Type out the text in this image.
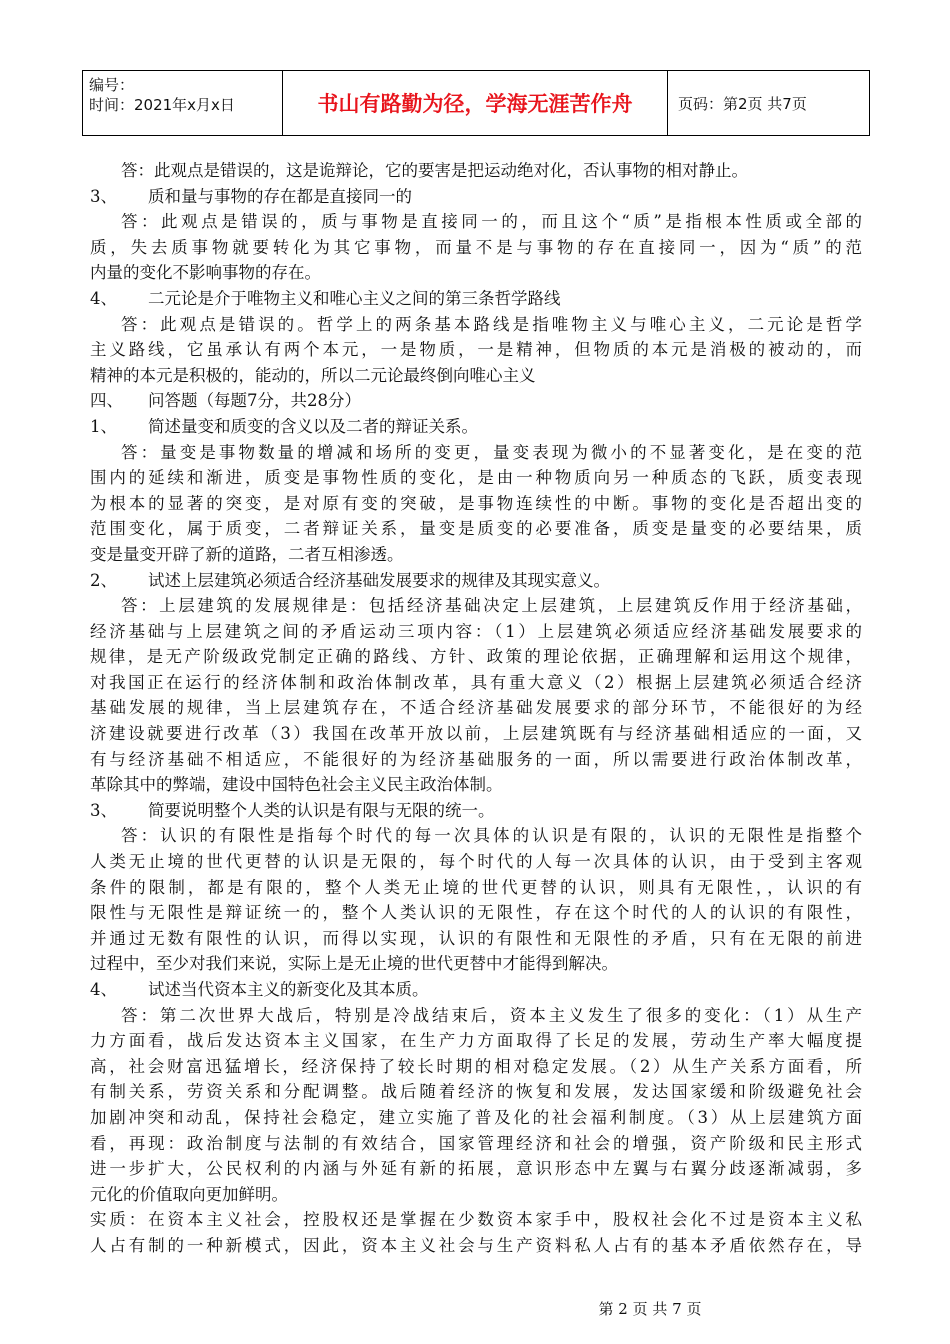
编号：
时间：2021年x月x日	书山有路勤为径，学海无涯苦作舟	页码：第2页 共7页
答：此观点是错误的，这是诡辩论，它的要害是把运动绝对化，否认事物的相对静止。
3、 质和量与事物的存在都是直接同一的
答：此观点是错误的，质与事物是直接同一的，而且这个“质”是指根本性质或全部的
质，失去质事物就要转化为其它事物，而量不是与事物的存在直接同一，因为“质”的范
内量的变化不影响事物的存在。
4、 二元论是介于唯物主义和唯心主义之间的第三条哲学路线
答：此观点是错误的。哲学上的两条基本路线是指唯物主义与唯心主义，二元论是哲学
主义路线，它虽承认有两个本元，一是物质，一是精神，但物质的本元是消极的被动的，而
精神的本元是积极的，能动的，所以二元论最终倒向唯心主义
四、 问答题（每题7分，共28分）
1、 简述量变和质变的含义以及二者的辩证关系。
答：量变是事物数量的增减和场所的变更，量变表现为微小的不显著变化，是在变的范
围内的延续和渐进，质变是事物性质的变化，是由一种物质向另一种质态的飞跃，质变表现
为根本的显著的突变，是对原有变的突破，是事物连续性的中断。事物的变化是否超出变的
范围变化，属于质变，二者辩证关系，量变是质变的必要准备，质变是量变的必要结果，质
变是量变开辟了新的道路，二者互相渗透。
2、 试述上层建筑必须适合经济基础发展要求的规律及其现实意义。
答：上层建筑的发展规律是：包括经济基础决定上层建筑，上层建筑反作用于经济基础，
经济基础与上层建筑之间的矛盾运动三项内容：（1）上层建筑必须适应经济基础发展要求的
规律，是无产阶级政党制定正确的路线、方针、政策的理论依据，正确理解和运用这个规律，
对我国正在运行的经济体制和政治体制改革，具有重大意义（2）根据上层建筑必须适合经济
基础发展的规律，当上层建筑存在，不适合经济基础发展要求的部分环节，不能很好的为经
济建设就要进行改革（3）我国在改革开放以前，上层建筑既有与经济基础相适应的一面，又
有与经济基础不相适应，不能很好的为经济基础服务的一面，所以需要进行政治体制改革，
革除其中的弊端，建设中国特色社会主义民主政治体制。
3、 简要说明整个人类的认识是有限与无限的统一。
答：认识的有限性是指每个时代的每一次具体的认识是有限的，认识的无限性是指整个
人类无止境的世代更替的认识是无限的，每个时代的人每一次具体的认识，由于受到主客观
条件的限制，都是有限的，整个人类无止境的世代更替的认识，则具有无限性，，认识的有
限性与无限性是辩证统一的，整个人类认识的无限性，存在这个时代的人的认识的有限性，
并通过无数有限性的认识，而得以实现，认识的有限性和无限性的矛盾，只有在无限的前进
过程中，至少对我们来说，实际上是无止境的世代更替中才能得到解决。
4、 试述当代资本主义的新变化及其本质。
答：第二次世界大战后，特别是冷战结束后，资本主义发生了很多的变化：（1）从生产
力方面看，战后发达资本主义国家，在生产力方面取得了长足的发展，劳动生产率大幅度提
高，社会财富迅猛增长，经济保持了较长时期的相对稳定发展。（2）从生产关系方面看，所
有制关系，劳资关系和分配调整。战后随着经济的恢复和发展，发达国家缓和阶级避免社会
加剧冲突和动乱，保持社会稳定，建立实施了普及化的社会福利制度。（3）从上层建筑方面
看，再现：政治制度与法制的有效结合，国家管理经济和社会的增强，资产阶级和民主形式
进一步扩大，公民权利的内涵与外延有新的拓展，意识形态中左翼与右翼分歧逐渐减弱，多
元化的价值取向更加鲜明。
实质：在资本主义社会，控股权还是掌握在少数资本家手中，股权社会化不过是资本主义私
人占有制的一种新模式，因此，资本主义社会与生产资料私人占有的基本矛盾依然存在，导
第 2 页 共 7 页
